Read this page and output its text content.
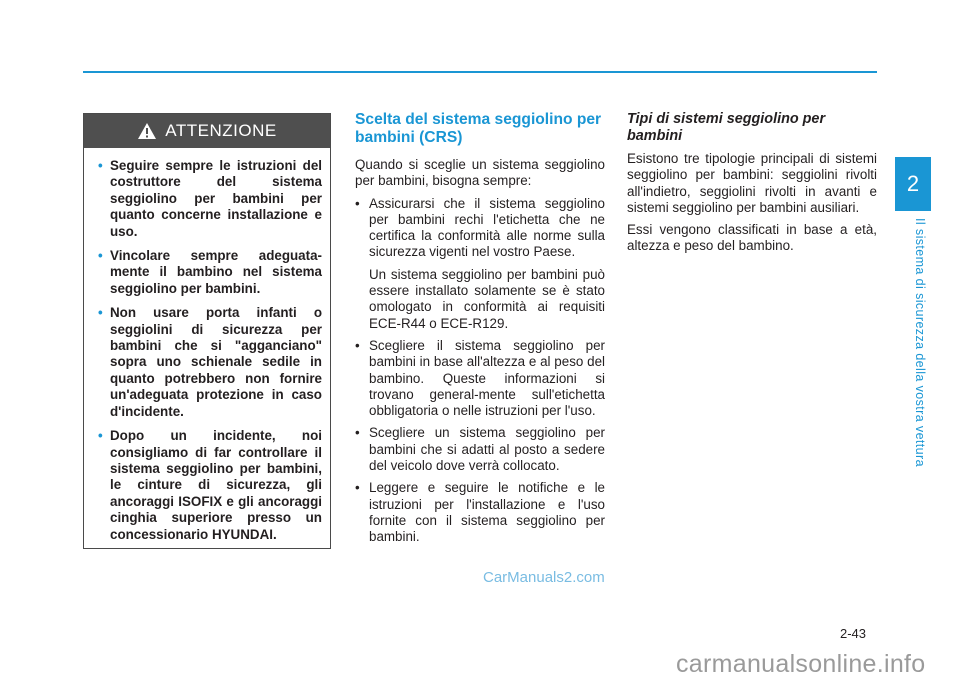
ATTENZIONE
• Seguire sempre le istruzioni del costruttore del sistema seggiolino per bambini per quanto concerne installazione e uso.
• Vincolare sempre adeguata-mente il bambino nel sistema seggiolino per bambini.
• Non usare porta infanti o seggiolini di sicurezza per bambini che si "agganciano" sopra uno schienale sedile in quanto potrebbero non fornire un'adeguata protezione in caso d'incidente.
• Dopo un incidente, noi consigliamo di far controllare il sistema seggiolino per bambini, le cinture di sicurezza, gli ancoraggi ISOFIX e gli ancoraggi cinghia superiore presso un concessionario HYUNDAI.
Scelta del sistema seggiolino per bambini (CRS)

Quando si sceglie un sistema seggiolino per bambini, bisogna sempre:

• Assicurarsi che il sistema seggiolino per bambini rechi l'etichetta che ne certifica la conformità alle norme sulla sicurezza vigenti nel vostro Paese.
Un sistema seggiolino per bambini può essere installato solamente se è stato omologato in conformità ai requisiti ECE-R44 o ECE-R129.
• Scegliere il sistema seggiolino per bambini in base all'altezza e al peso del bambino. Queste informazioni si trovano general-mente sull'etichetta obbligatoria o nelle istruzioni per l'uso.
• Scegliere un sistema seggiolino per bambini che si adatti al posto a sedere del veicolo dove verrà collocato.
• Leggere e seguire le notifiche e le istruzioni per l'installazione e l'uso fornite con il sistema seggiolino per bambini.
Tipi di sistemi seggiolino per bambini

Esistono tre tipologie principali di sistemi seggiolino per bambini: seggiolini rivolti all'indietro, seggiolini rivolti in avanti e sistemi seggiolino per bambini ausiliari.

Essi vengono classificati in base a età, altezza e peso del bambino.

2
Il sistema di sicurezza della vostra vettura
2-43
CarManuals2.com
carmanualsonline.info
